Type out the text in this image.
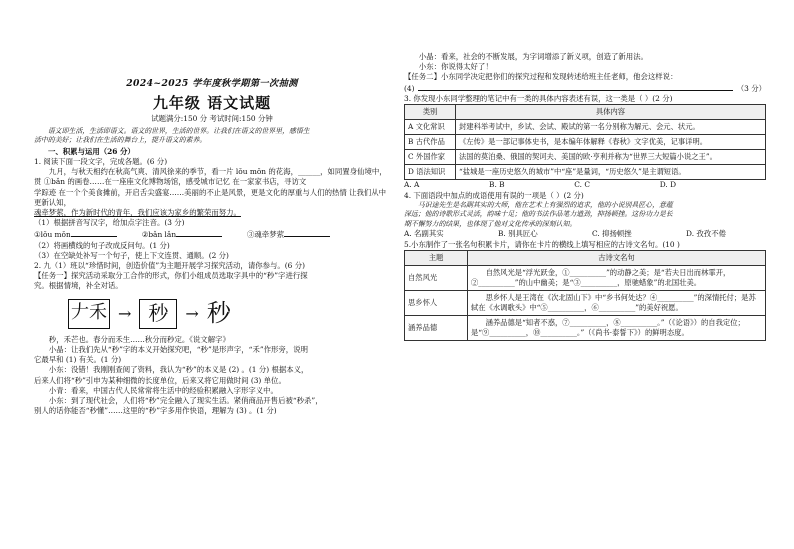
2024~2025 学年度秋学期第一次抽测

九年级 语文试题

试题满分:150 分 考试时间:150 分钟

语文即生活，生活即语文。语文的世界，生活的世界。让我们在语文的世界里，感悟生

活中的美好；让我们在生活的舞台上，提升语文的素养。

一、积累与运用（26 分）

1. 阅读下面一段文字，完成各题。(6 分)

九月，与秋天相约在秋高气爽、清风徐来的季节，看一片 lǒu mǒn 的花海，______，如同置身仙境中，

贯 ①bǎn 的画卷……在一座座文化博物场馆，感受城市记忆 在一家家书店，寻访文

学踪迹 在一个个美食摊前，开启舌尖盛宴……美丽的不止是风景，更是文化的厚重与人们的热情 让我们从中更新认知，

魂牵梦萦，作为新时代的青年，我们应该为家乡的繁荣而努力。

（1）根据拼音写汉字，给加点字注音。(3 分)

①lǒu mǒn	②bǎn lǎn	③魂牵梦萦

（2）将画横线的句子改成反问句。(1 分)

（3）在空缺处补写一个句子，使上下文连贯、通顺。(2 分)

2. 九（1）班以“珍惜时间，创造价值”为主题开展学习探究活动，请你参与。(6 分)

【任务一】探究活动采取分工合作的形式，你们小组成员选取字具中的“秒”字进行探

究。根据情境，补全对话。

𠂇禾 → 秒	→ 秒

秒，禾芒也。春分而禾生……秋分而秒定。《说文解字》

小晶：让我们先从“秒”字的本义开始探究吧，“秒”是形声字，“禾”作形旁，说明

它最早和 (1) 有关。(1 分)

小东：没错！我刚刚查阅了资料，我认为“秒”的本义是 (2) 。(1 分) 根据本义，

后来人们将“秒”引申为某种细微的长度单位，后来又将它用做时间 (3) 单位。

小青：看来，中国古代人民常常将生活中的经验积累融入字形字义中。

小东：到了现代社会，人们将“秒”完全融入了现实生活。紧俏商品开售后被“秒杀”，

别人的话你能否“秒懂”……这里的“秒”字多用作快语，理解为 (3) 。(1 分)

小晶：看来，社会的不断发展，为字词增添了新义项，创造了新用法。

小东：你说得太好了！

【任务二】小东同学决定把你们的探究过程和发现转述给班主任老师，他会这样说：

(4)	（3 分）

3. 你发现小东同学整理的笔记中有一类的具体内容表述有误，这一类是（ ）(2 分)

类别	具体内容
A 文化常识	封建科举考试中，乡试、会试、殿试的第一名分别称为解元、会元、状元。
B 古代作品	《左传》是一部记事体史书，是本编年体解释《春秋》文字优美，记事详明。
C 外国作家	法国的莫泊桑、俄国的契诃夫、美国的欧·亨利并称为“世界三大短篇小说之王”。
D 语法知识	“盐城是一座历史悠久的城市”中“座”是量词，“历史悠久”是主谓短语。

A. A	B. B	C. C	D. D

4. 下面语段中加点的成语使用有误的一项是（ ）(2 分)

马识途先生是名副其实的大师，他在艺术上有强烈的追求，他的小说别具匠心，意蕴

深远；他的诗歌形式灵活，韵味十足；他的书法作品笔力遒劲，抑扬顿挫。这份功力是长

期不懈努力的结果，也体现了他对文化传承的深刻认知。

A. 名副其实	B. 别具匠心	C. 抑扬顿挫	D. 孜孜不倦

5.小东制作了一张名句积累卡片，请你在卡片的横线上填写相应的古诗文名句。(10 )

主题	古诗文名句
自然风光	自然风光是“浮光跃金，①__________”的动静之美；是“若夫日出而林霏开，②__________”的山中幽美；是“③__________，原驰蜡象”的北国壮美。
思乡怀人	思乡怀人是王湾在《次北固山下》中“乡书何处达？④__________”的深情托付；是苏轼在《水调歌头》中“⑤__________，⑥__________”的美好祝愿。
涵养品德	涵养品德是“知者不惑，⑦__________，⑧__________。”（《论语》）的自我定位；是“⑨__________，⑩__________。”（《尚书·泰誓下》）的鲜明态度。
